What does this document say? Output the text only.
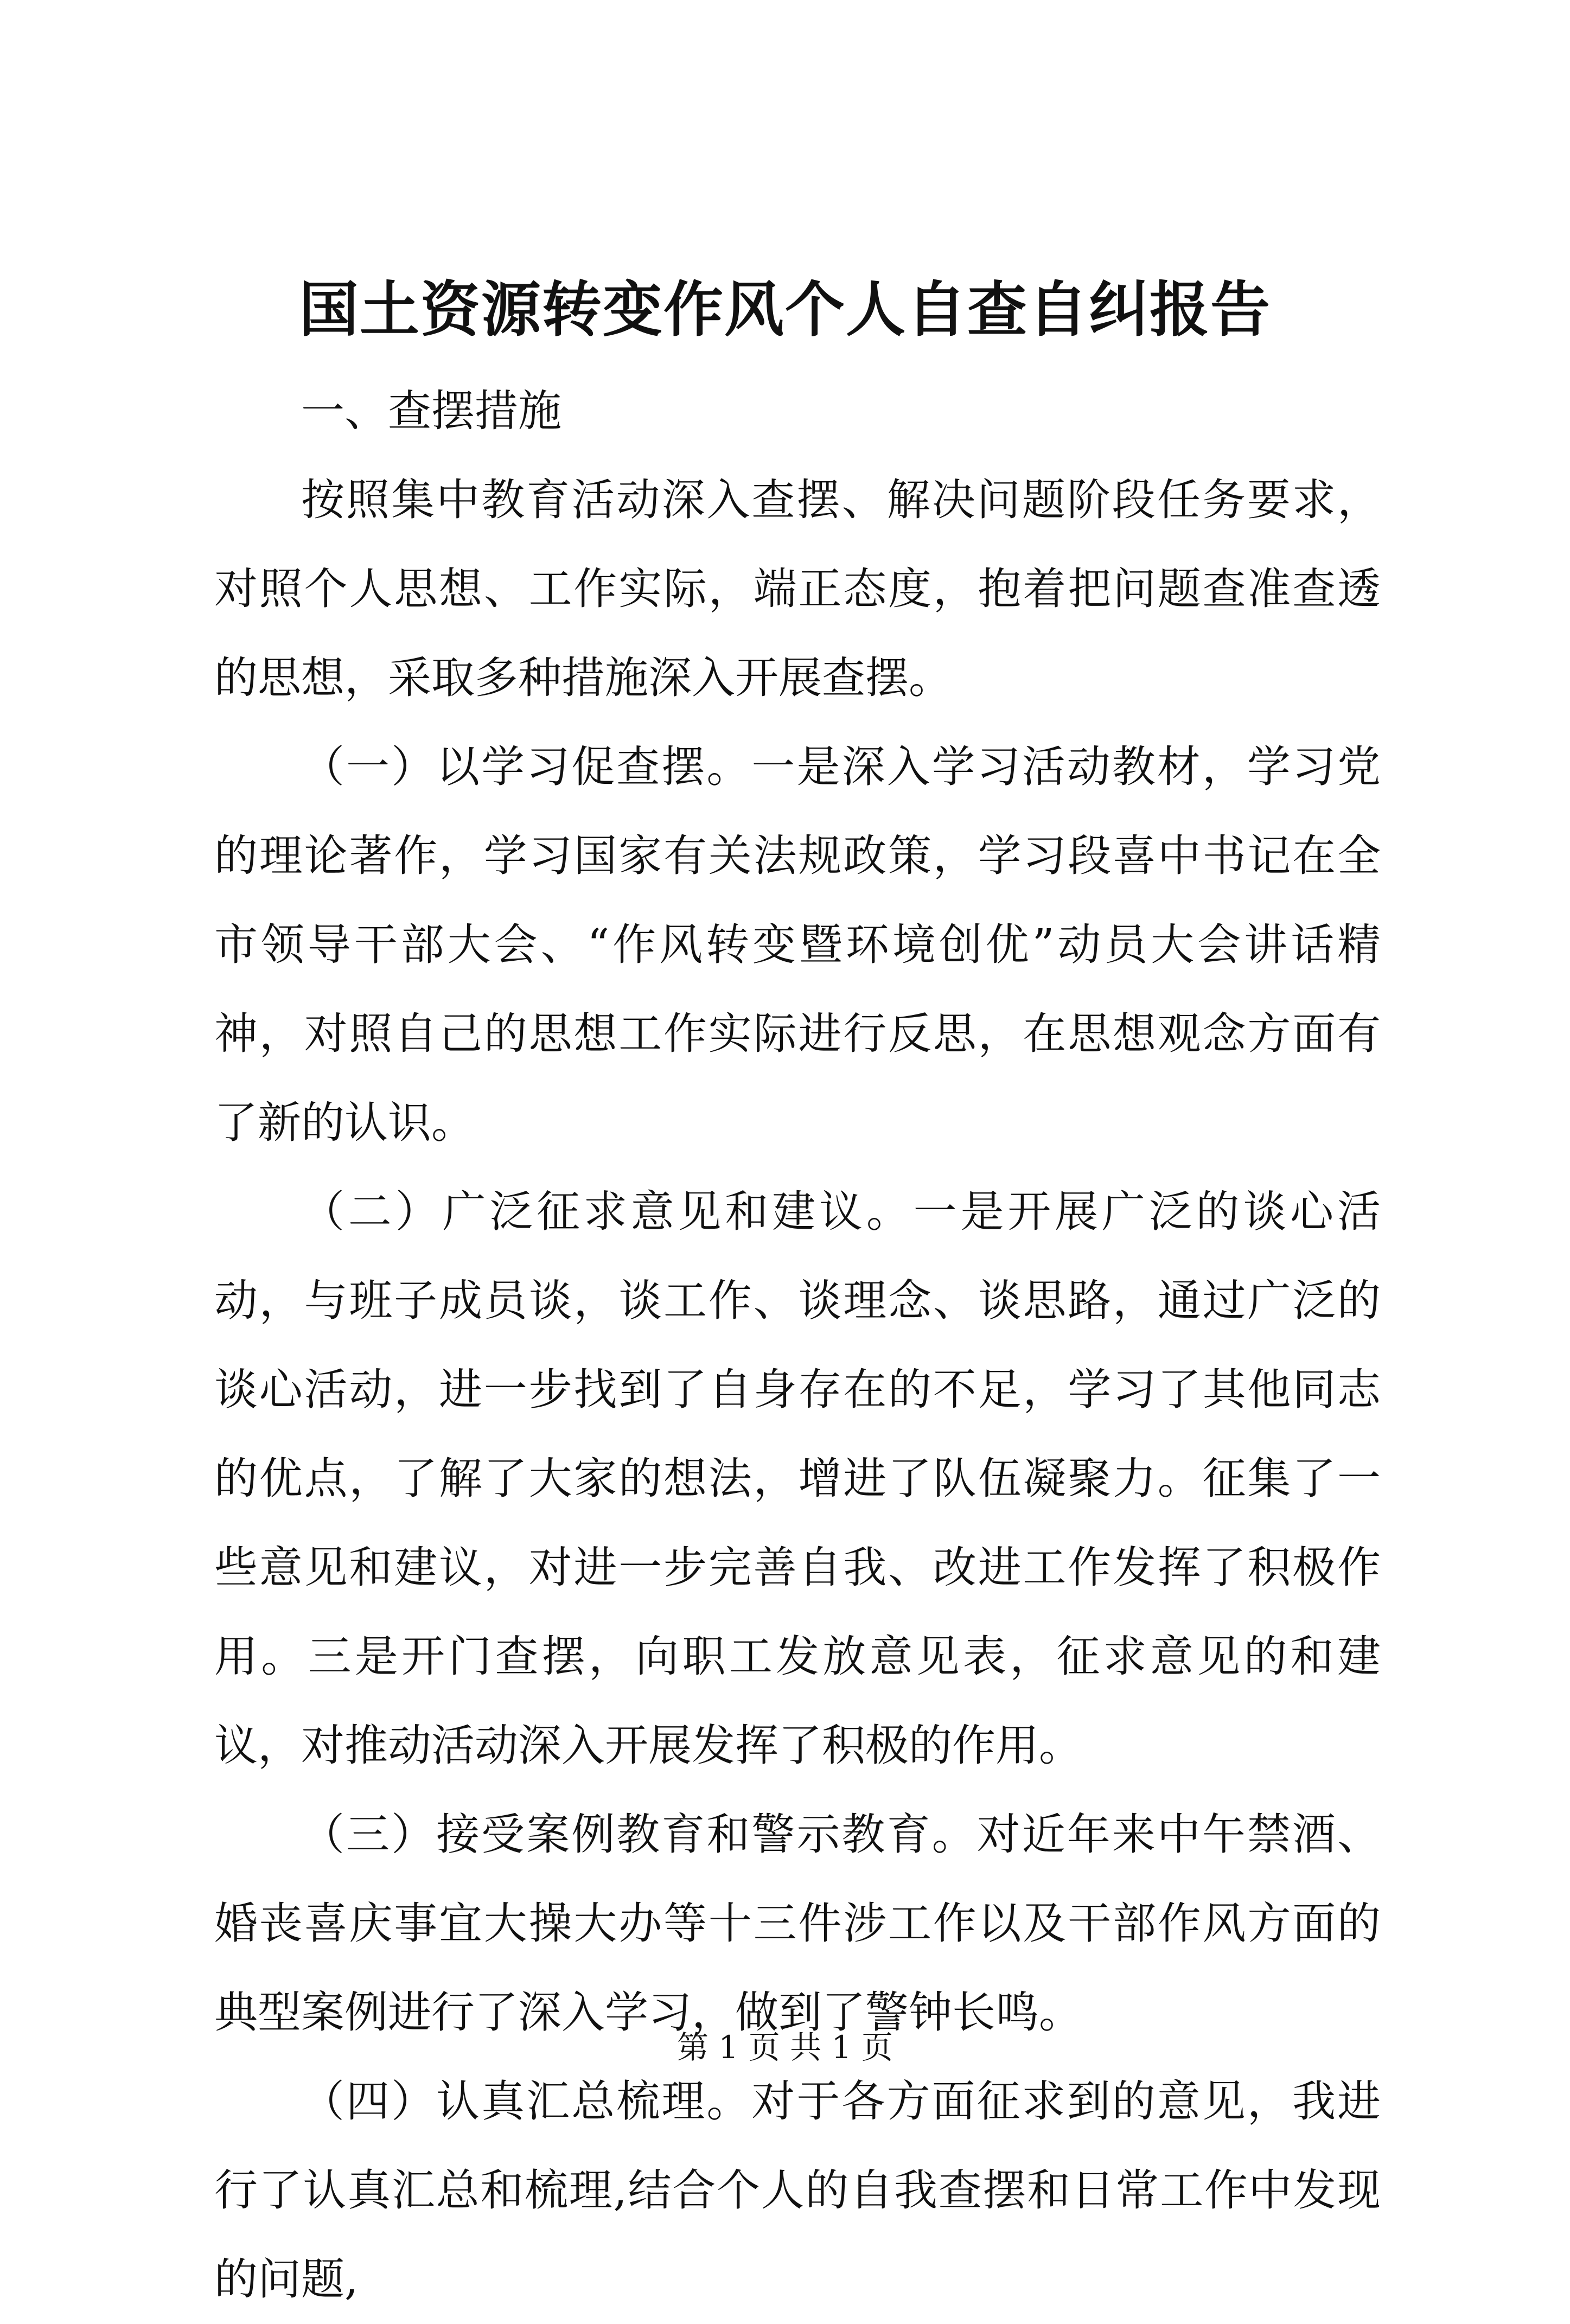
国土资源转变作风个人自查自纠报告

一、查摆措施

按照集中教育活动深入查摆、解决问题阶段任务要求，对照个人思想、工作实际，端正态度，抱着把问题查准查透的思想，采取多种措施深入开展查摆。

（一）以学习促查摆。一是深入学习活动教材，学习党的理论著作，学习国家有关法规政策，学习段喜中书记在全市领导干部大会、“作风转变暨环境创优”动员大会讲话精神，对照自己的思想工作实际进行反思，在思想观念方面有了新的认识。

（二）广泛征求意见和建议。一是开展广泛的谈心活动，与班子成员谈，谈工作、谈理念、谈思路，通过广泛的谈心活动，进一步找到了自身存在的不足，学习了其他同志的优点，了解了大家的想法，增进了队伍凝聚力。征集了一些意见和建议，对进一步完善自我、改进工作发挥了积极作用。三是开门查摆，向职工发放意见表，征求意见的和建议，对推动活动深入开展发挥了积极的作用。

（三）接受案例教育和警示教育。对近年来中午禁酒、婚丧喜庆事宜大操大办等十三件涉工作以及干部作风方面的典型案例进行了深入学习，做到了警钟长鸣。

（四）认真汇总梳理。对于各方面征求到的意见，我进行了认真汇总和梳理,结合个人的自我查摆和日常工作中发现的问题,

第 1 页 共 1 页
